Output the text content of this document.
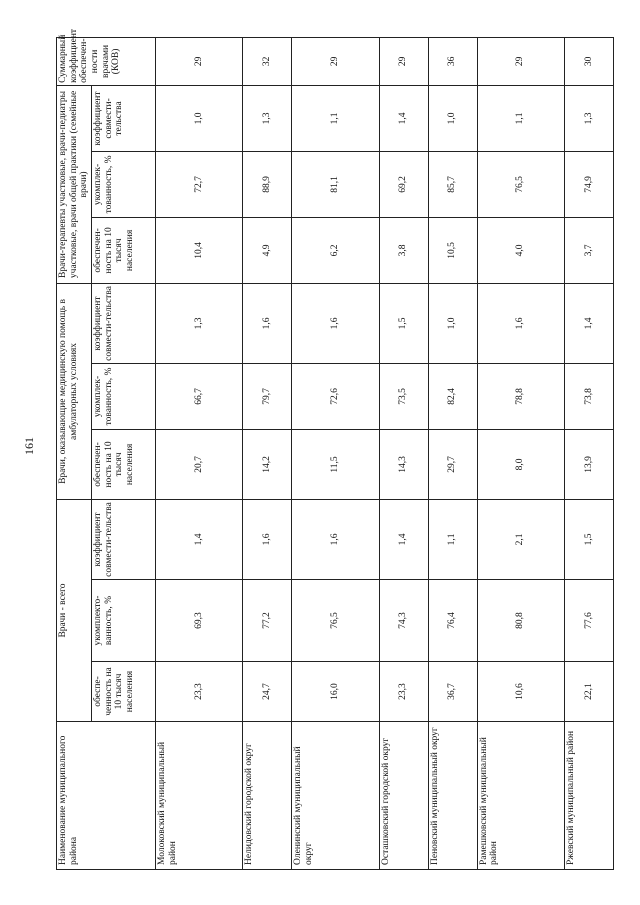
161
Наименование муниципального района	Врачи - всего			Врачи, оказывающие медицинскую помощь в амбулаторных условиях			Врачи-терапевты участковые, врачи-педиатры участковые, врачи общей практики (семейные врачи)			Суммарный коэффициент обеспечен-ности врачами (КОВ)
	обеспе-ченность на 10 тысяч населения	укомплекто-ванность, %	коэффициент совмести-тельства	обеспечен-ность на 10 тысяч населения	укомплек-тованность, %	коэффициент совмести-тельства	обеспечен-ность на 10 тысяч населения	укомплек-тованность, %	коэффициент совмести-тельства	
Молоковский муниципальный район	23,3	69,3	1,4	20,7	66,7	1,3	10,4	72,7	1,0	29
Нелидовский городской округ	24,7	77,2	1,6	14,2	79,7	1,6	4,9	88,9	1,3	32
Оленинский муниципальный округ	16,0	76,5	1,6	11,5	72,6	1,6	6,2	81,1	1,1	29
Осташковский городской округ	23,3	74,3	1,4	14,3	73,5	1,5	3,8	69,2	1,4	29
Пеновский муниципальный округ	36,7	76,4	1,1	29,7	82,4	1,0	10,5	85,7	1,0	36
Рамешковский муниципальный район	10,6	80,8	2,1	8,0	78,8	1,6	4,0	76,5	1,1	29
Ржевский муниципальный район	22,1	77,6	1,5	13,9	73,8	1,4	3,7	74,9	1,3	30
